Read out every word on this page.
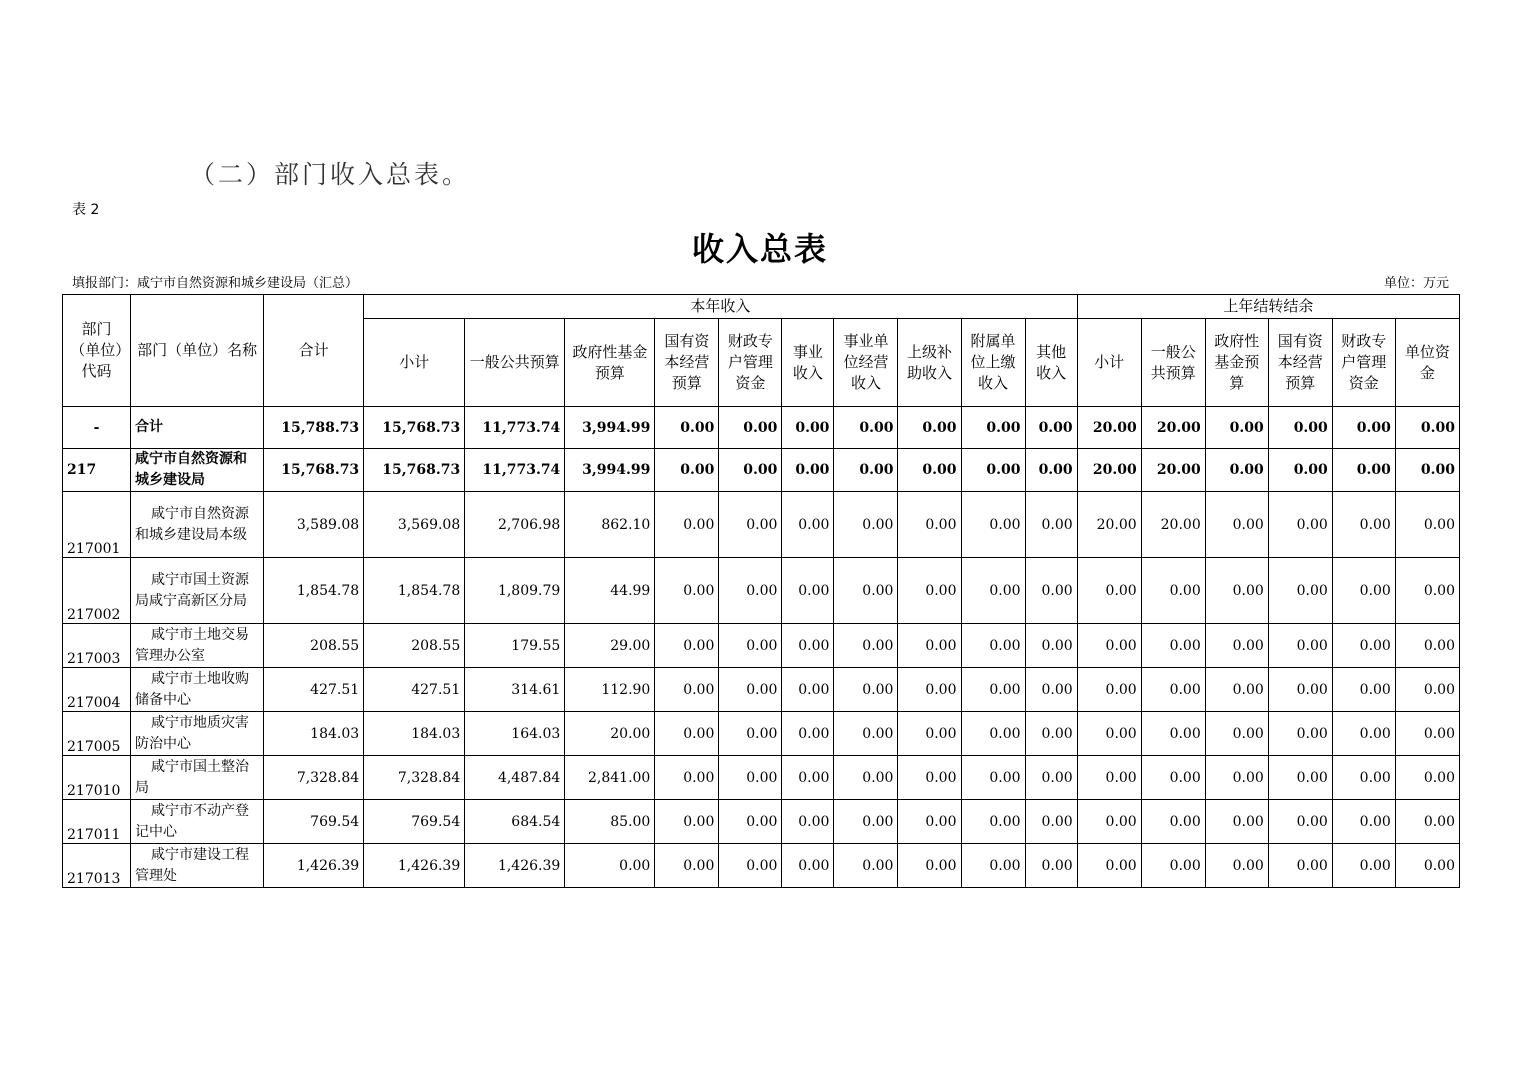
（二）部门收入总表。
表 2
收入总表
填报部门：咸宁市自然资源和城乡建设局（汇总）	单位：万元
部门（单位）代码	部门（单位）名称	合计	本年收入										上年结转结余					
			小计	一般公共预算	政府性基金预算	国有资本经营预算	财政专户管理资金	事业收入	事业单位经营收入	上级补助收入	附属单位上缴收入	其他收入	小计	一般公共预算	政府性基金预算	国有资本经营预算	财政专户管理资金	单位资金
-	合计	15,788.73	15,768.73	11,773.74	3,994.99	0.00	0.00	0.00	0.00	0.00	0.00	0.00	20.00	20.00	0.00	0.00	0.00	0.00
217	咸宁市自然资源和城乡建设局	15,768.73	15,768.73	11,773.74	3,994.99	0.00	0.00	0.00	0.00	0.00	0.00	0.00	20.00	20.00	0.00	0.00	0.00	0.00
217001	咸宁市自然资源和城乡建设局本级	3,589.08	3,569.08	2,706.98	862.10	0.00	0.00	0.00	0.00	0.00	0.00	0.00	20.00	20.00	0.00	0.00	0.00	0.00
217002	咸宁市国土资源局咸宁高新区分局	1,854.78	1,854.78	1,809.79	44.99	0.00	0.00	0.00	0.00	0.00	0.00	0.00	0.00	0.00	0.00	0.00	0.00	0.00
217003	咸宁市土地交易管理办公室	208.55	208.55	179.55	29.00	0.00	0.00	0.00	0.00	0.00	0.00	0.00	0.00	0.00	0.00	0.00	0.00	0.00
217004	咸宁市土地收购储备中心	427.51	427.51	314.61	112.90	0.00	0.00	0.00	0.00	0.00	0.00	0.00	0.00	0.00	0.00	0.00	0.00	0.00
217005	咸宁市地质灾害防治中心	184.03	184.03	164.03	20.00	0.00	0.00	0.00	0.00	0.00	0.00	0.00	0.00	0.00	0.00	0.00	0.00	0.00
217010	咸宁市国土整治局	7,328.84	7,328.84	4,487.84	2,841.00	0.00	0.00	0.00	0.00	0.00	0.00	0.00	0.00	0.00	0.00	0.00	0.00	0.00
217011	咸宁市不动产登记中心	769.54	769.54	684.54	85.00	0.00	0.00	0.00	0.00	0.00	0.00	0.00	0.00	0.00	0.00	0.00	0.00	0.00
217013	咸宁市建设工程管理处	1,426.39	1,426.39	1,426.39	0.00	0.00	0.00	0.00	0.00	0.00	0.00	0.00	0.00	0.00	0.00	0.00	0.00	0.00
